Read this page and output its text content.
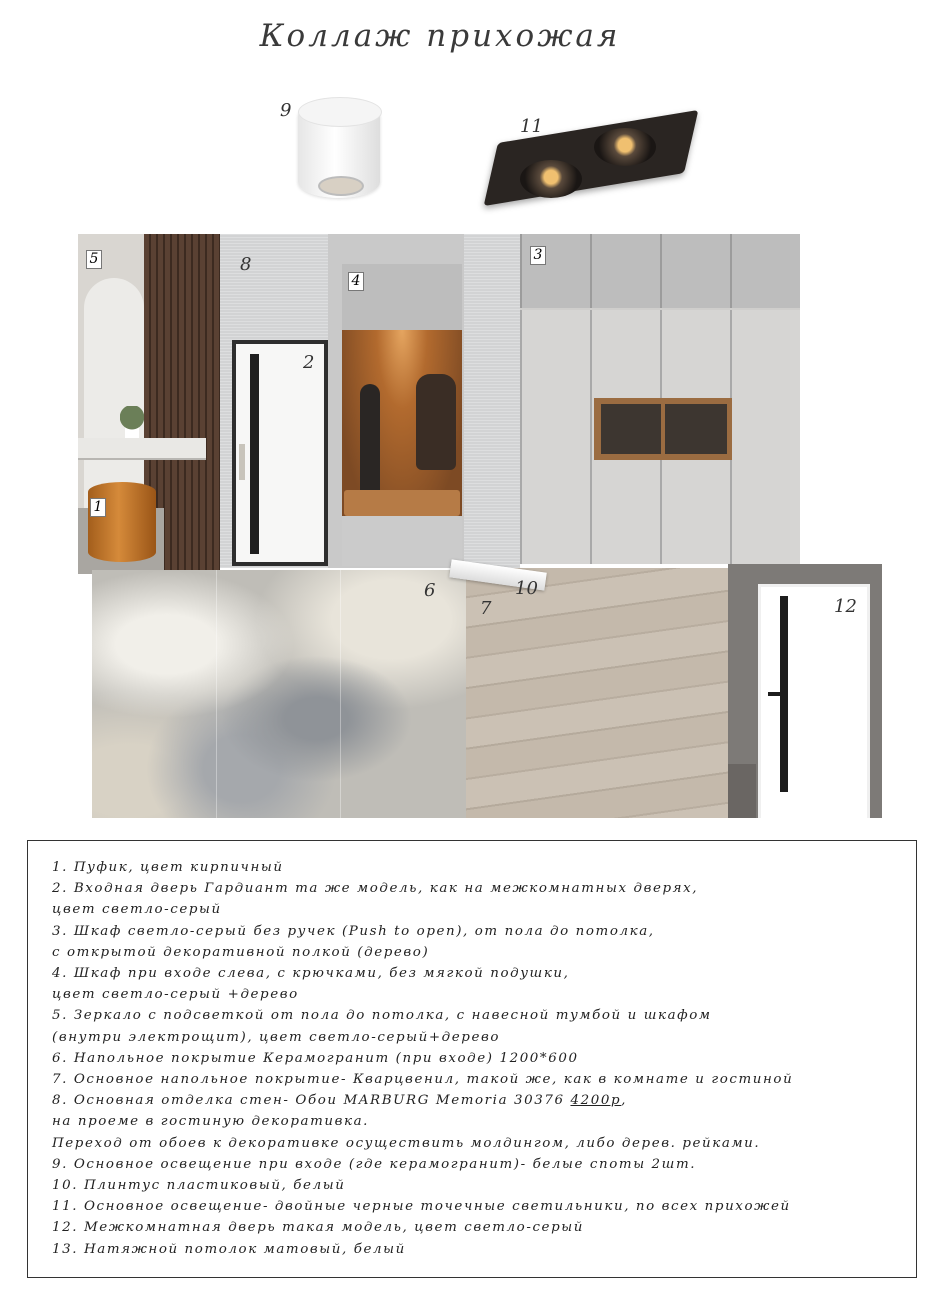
Коллаж прихожая
9
11
5
1
8
2
4
3
6
7
10
12
1. Пуфик, цвет кирпичный
2. Входная дверь Гардиант та же модель, как на межкомнатных дверях,
цвет светло-серый
3. Шкаф светло-серый без ручек (Push to open), от пола до потолка,
с открытой декоративной полкой (дерево)
4. Шкаф при входе слева, с крючками, без мягкой подушки,
цвет светло-серый +дерево
5. Зеркало с подсветкой от пола до потолка, с навесной тумбой и шкафом
(внутри электрощит), цвет светло-серый+дерево
6. Напольное покрытие Керамогранит (при входе) 1200*600
7. Основное напольное покрытие- Кварцвенил, такой же, как в комнате и гостиной
8. Основная отделка стен- Обои MARBURG Memoria 30376 4200р,
на проеме в гостиную декоративка.
Переход от обоев к декоративке осуществить молдингом, либо дерев. рейками.
9. Основное освещение при входе (где керамогранит)- белые споты 2шт.
10. Плинтус пластиковый, белый
11. Основное освещение- двойные черные точечные светильники, по всех прихожей
12. Межкомнатная дверь такая модель, цвет светло-серый
13. Натяжной потолок матовый, белый
